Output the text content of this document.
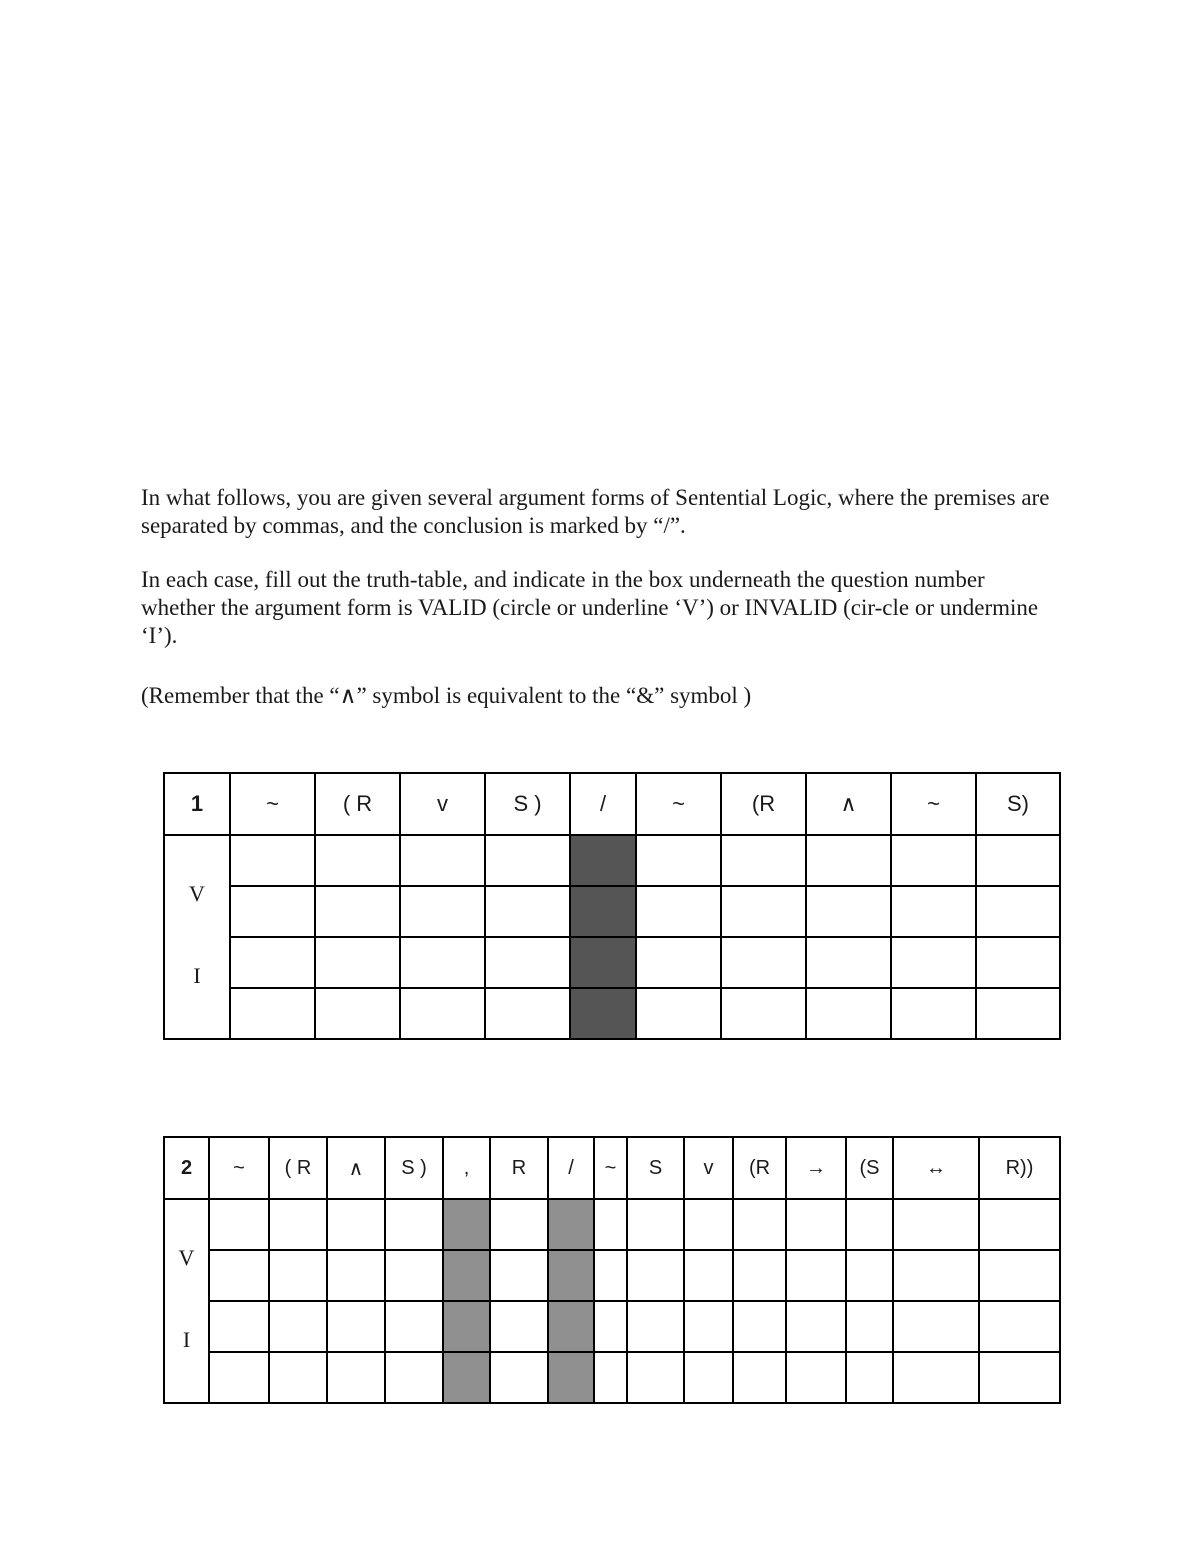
In what follows, you are given several argument forms of Sentential Logic, where the premises are separated by commas, and the conclusion is marked by “/”.

In each case, fill out the truth-table, and indicate in the box underneath the question number whether the argument form is VALID (circle or underline ‘V’) or INVALID (cir-cle or undermine ‘I’).

(Remember that the “∧” symbol is equivalent to the “&” symbol )

1	~	( R	v	S )	/	~	(R	∧	~	S)

V
I										

2	~	( R	∧	S )	,	R	/	~	S	v	(R	→	(S	↔	R))

V
I															
